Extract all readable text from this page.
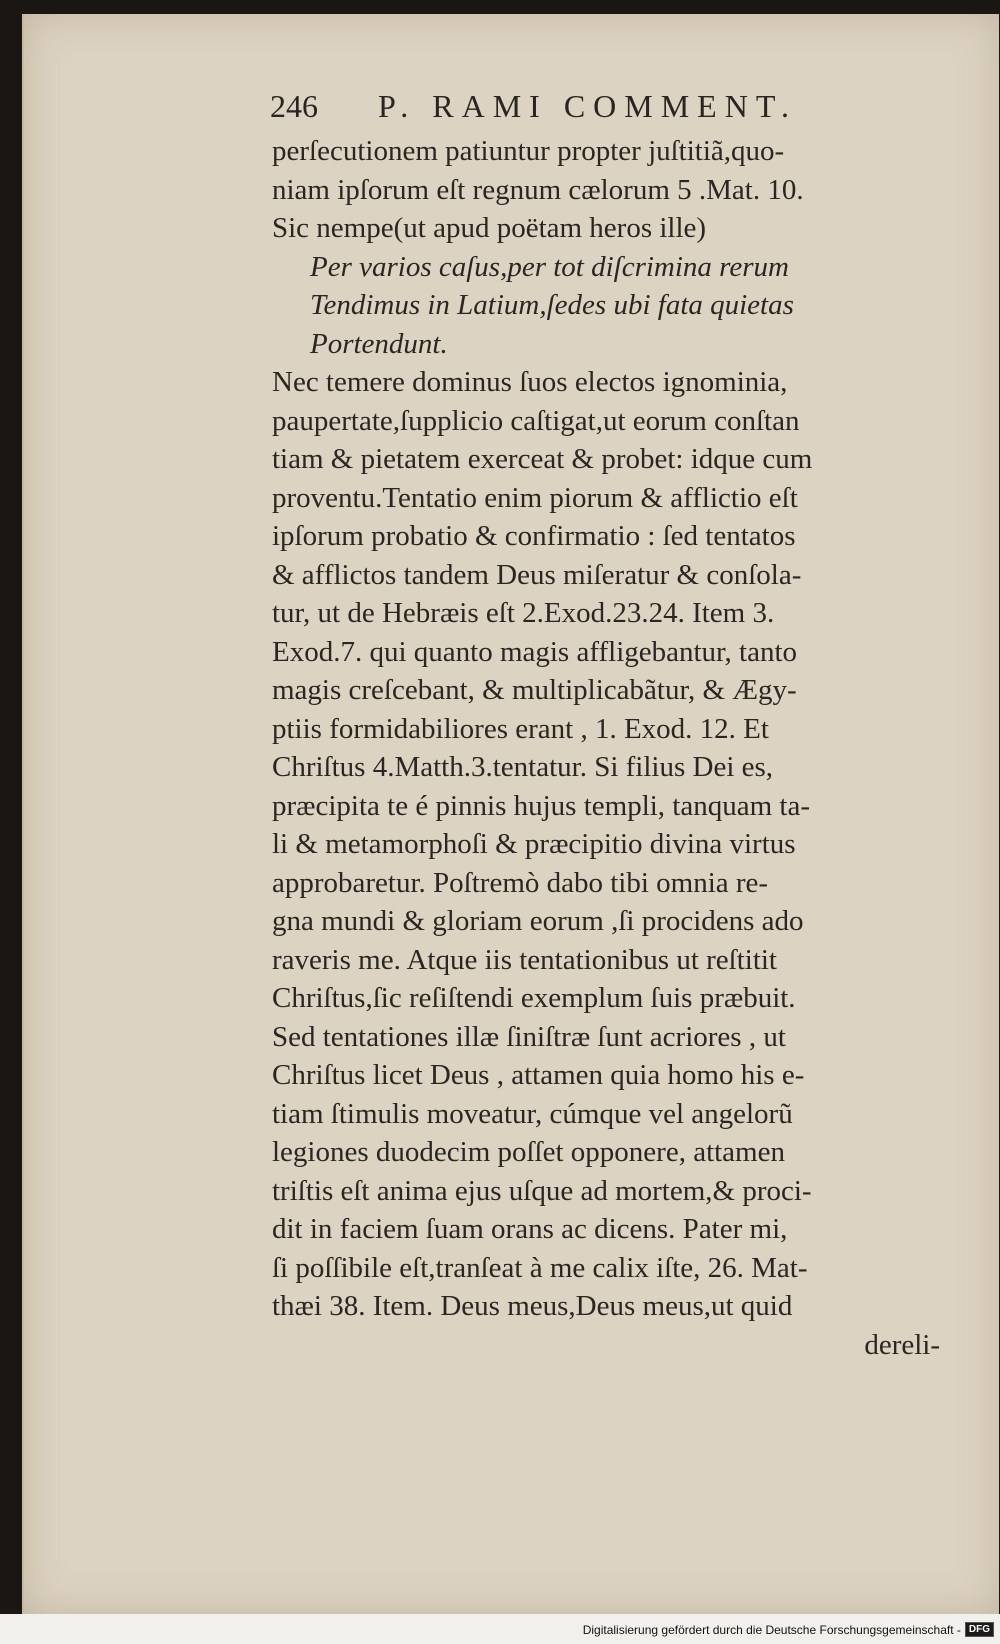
246 P. RAMI COMMENT.
perſecutionem patiuntur propter juſtitiã,quo-
niam ipſorum eſt regnum cælorum 5 .Mat. 10.
Sic nempe(ut apud poëtam heros ille)
Per varios caſus,per tot diſcrimina rerum
Tendimus in Latium,ſedes ubi fata quietas
Portendunt.
Nec temere dominus ſuos electos ignominia,
paupertate,ſupplicio caſtigat,ut eorum conſtan
tiam & pietatem exerceat & probet: idque cum
proventu.Tentatio enim piorum & afflictio eſt
ipſorum probatio & confirmatio : ſed tentatos
& afflictos tandem Deus miſeratur & conſola-
tur, ut de Hebræis eſt 2.Exod.23.24. Item 3.
Exod.7. qui quanto magis affligebantur, tanto
magis creſcebant, & multiplicabãtur, & Ægy-
ptiis formidabiliores erant , 1. Exod. 12. Et
Chriſtus 4.Matth.3.tentatur. Si filius Dei es,
præcipita te é pinnis hujus templi, tanquam ta-
li & metamorphoſi & præcipitio divina virtus
approbaretur. Poſtremò dabo tibi omnia re-
gna mundi & gloriam eorum ,ſi procidens ado
raveris me. Atque iis tentationibus ut reſtitit
Chriſtus,ſic reſiſtendi exemplum ſuis præbuit.
Sed tentationes illæ ſiniſtræ ſunt acriores , ut
Chriſtus licet Deus , attamen quia homo his e-
tiam ſtimulis moveatur, cúmque vel angelorũ
legiones duodecim poſſet opponere, attamen
triſtis eſt anima ejus uſque ad mortem,& proci-
dit in faciem ſuam orans ac dicens. Pater mi,
ſi poſſibile eſt,tranſeat à me calix iſte, 26. Mat-
thæi 38. Item. Deus meus,Deus meus,ut quid
dereli-
Digitalisierung gefördert durch die Deutsche Forschungsgemeinschaft - DFG
